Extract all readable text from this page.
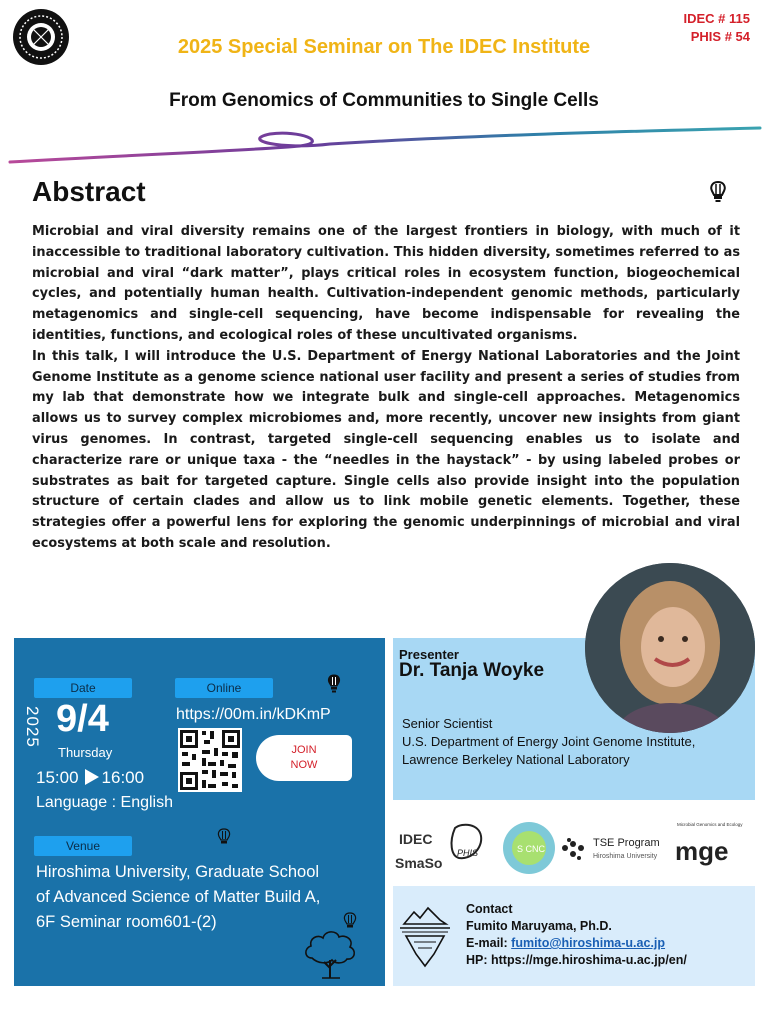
IDEC # 115
PHIS # 54
2025 Special Seminar on The IDEC Institute
From Genomics of Communities to Single Cells
Abstract

Microbial and viral diversity remains one of the largest frontiers in biology, with much of it inaccessible to traditional laboratory cultivation. This hidden diversity, sometimes referred to as microbial and viral “dark matter”, plays critical roles in ecosystem function, biogeochemical cycles, and potentially human health. Cultivation-independent genomic methods, particularly metagenomics and single-cell sequencing, have become indispensable for revealing the identities, functions, and ecological roles of these uncultivated organisms.

In this talk, I will introduce the U.S. Department of Energy National Laboratories and the Joint Genome Institute as a genome science national user facility and present a series of studies from my lab that demonstrate how we integrate bulk and single-cell approaches. Metagenomics allows us to survey complex microbiomes and, more recently, uncover new insights from giant virus genomes. In contrast, targeted single-cell sequencing enables us to isolate and characterize rare or unique taxa - the “needles in the haystack” - by using labeled probes or substrates as bait for targeted capture. Single cells also provide insight into the population structure of certain clades and allow us to link mobile genetic elements. Together, these strategies offer a powerful lens for exploring the genomic underpinnings of microbial and viral ecosystems at both scale and resolution.

Date	Online
Venue
2025 9/4
Thursday
15:00 16:00
Language : English
https://00m.in/kDKmP
JOIN
NOW
Hiroshima University, Graduate School of Advanced Science of Matter Build A, 6F Seminar room601-(2)
Presenter
Dr. Tanja Woyke
Senior Scientist
U.S. Department of Energy Joint Genome Institute,
Lawrence Berkeley National Laboratory
IDEC
SmaSo
PHIS	S CNC	TSE Program
Hiroshima University
Microbial Genomics and Ecology
mge
Contact
Fumito Maruyama, Ph.D.
E-mail: fumito@hiroshima-u.ac.jp
HP: https://mge.hiroshima-u.ac.jp/en/
